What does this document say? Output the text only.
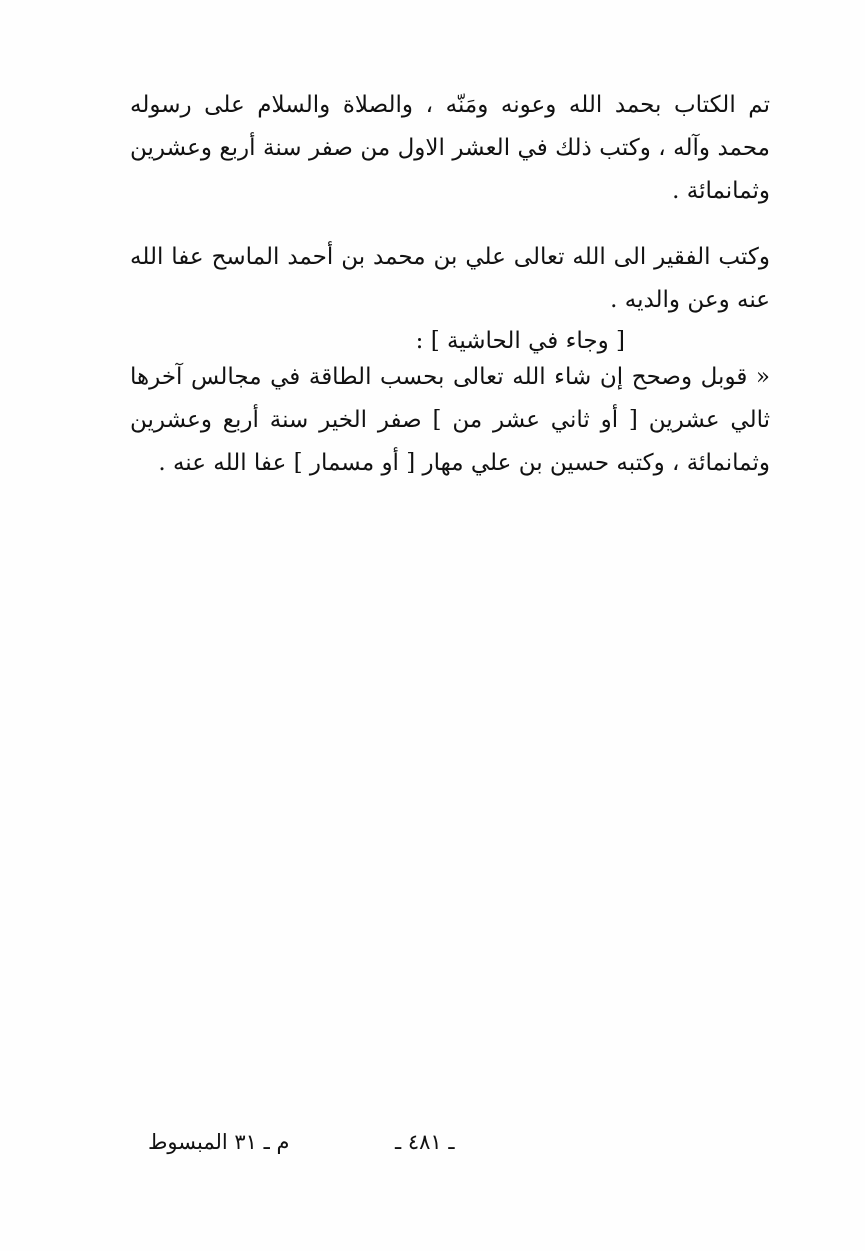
تم الكتاب بحمد الله وعونه ومَنّه ، والصلاة والسلام على رسوله محمد وآله ، وكتب ذلك في العشر الاول من صفر سنة أربع وعشرين وثمانمائة .

وكتب الفقير الى الله تعالى علي بن محمد بن أحمد الماسح عفا الله عنه وعن والديه .

[ وجاء في الحاشية ] :

« قوبل وصحح إن شاء الله تعالى بحسب الطاقة في مجالس آخرها ثالي عشرين [ أو ثاني عشر من ] صفر الخير سنة أربع وعشرين وثمانمائة ، وكتبه حسين بن علي مهار [ أو مسمار ] عفا الله عنه .

ـ ٤٨١ ـ
م ـ ٣١ المبسوط
